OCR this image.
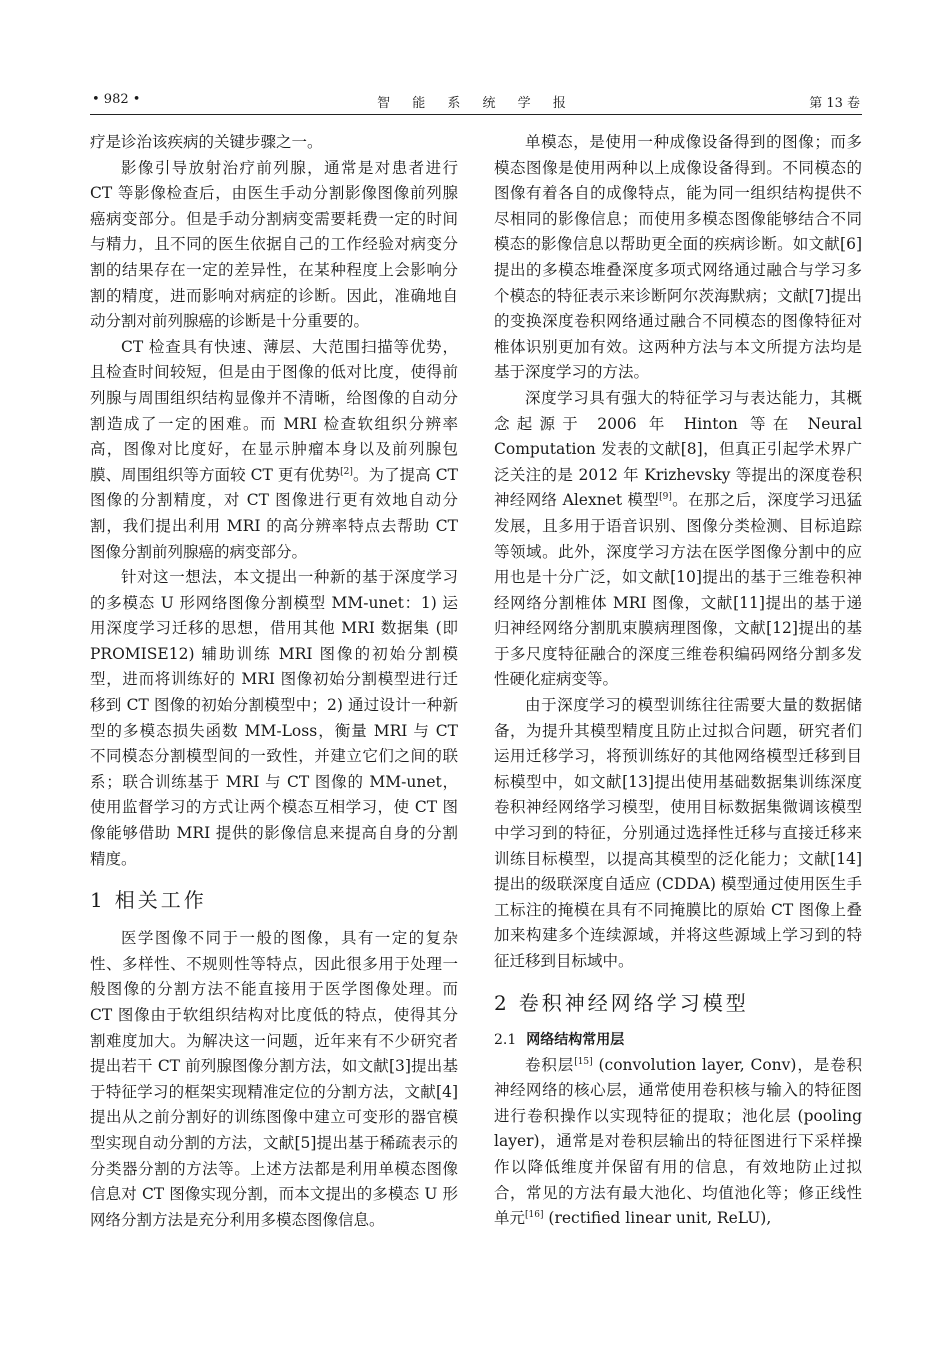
• 982 •	智 能 系 统 学 报	第 13 卷

疗是诊治该疾病的关键步骤之一。

影像引导放射治疗前列腺，通常是对患者进行 CT 等影像检查后，由医生手动分割影像图像前列腺癌病变部分。但是手动分割病变需要耗费一定的时间与精力，且不同的医生依据自己的工作经验对病变分割的结果存在一定的差异性，在某种程度上会影响分割的精度，进而影响对病症的诊断。因此，准确地自动分割对前列腺癌的诊断是十分重要的。

CT 检查具有快速、薄层、大范围扫描等优势，且检查时间较短，但是由于图像的低对比度，使得前列腺与周围组织结构显像并不清晰，给图像的自动分割造成了一定的困难。而 MRI 检查软组织分辨率高，图像对比度好，在显示肿瘤本身以及前列腺包膜、周围组织等方面较 CT 更有优势[2]。为了提高 CT 图像的分割精度，对 CT 图像进行更有效地自动分割，我们提出利用 MRI 的高分辨率特点去帮助 CT 图像分割前列腺癌的病变部分。

针对这一想法，本文提出一种新的基于深度学习的多模态 U 形网络图像分割模型 MM-unet：1) 运用深度学习迁移的思想，借用其他 MRI 数据集 (即 PROMISE12) 辅助训练 MRI 图像的初始分割模型，进而将训练好的 MRI 图像初始分割模型进行迁移到 CT 图像的初始分割模型中；2) 通过设计一种新型的多模态损失函数 MM-Loss，衡量 MRI 与 CT 不同模态分割模型间的一致性，并建立它们之间的联系；联合训练基于 MRI 与 CT 图像的 MM-unet，使用监督学习的方式让两个模态互相学习，使 CT 图像能够借助 MRI 提供的影像信息来提高自身的分割精度。

1 相关工作

医学图像不同于一般的图像，具有一定的复杂性、多样性、不规则性等特点，因此很多用于处理一般图像的分割方法不能直接用于医学图像处理。而 CT 图像由于软组织结构对比度低的特点，使得其分割难度加大。为解决这一问题，近年来有不少研究者提出若干 CT 前列腺图像分割方法，如文献[3]提出基于特征学习的框架实现精准定位的分割方法，文献[4]提出从之前分割好的训练图像中建立可变形的器官模型实现自动分割的方法，文献[5]提出基于稀疏表示的分类器分割的方法等。上述方法都是利用单模态图像信息对 CT 图像实现分割，而本文提出的多模态 U 形网络分割方法是充分利用多模态图像信息。

单模态，是使用一种成像设备得到的图像；而多模态图像是使用两种以上成像设备得到。不同模态的图像有着各自的成像特点，能为同一组织结构提供不尽相同的影像信息；而使用多模态图像能够结合不同模态的影像信息以帮助更全面的疾病诊断。如文献[6]提出的多模态堆叠深度多项式网络通过融合与学习多个模态的特征表示来诊断阿尔茨海默病；文献[7]提出的变换深度卷积网络通过融合不同模态的图像特征对椎体识别更加有效。这两种方法与本文所提方法均是基于深度学习的方法。

深度学习具有强大的特征学习与表达能力，其概念起源于 2006 年 Hinton 等在 Neural Computation 发表的文献[8]，但真正引起学术界广泛关注的是 2012 年 Krizhevsky 等提出的深度卷积神经网络 Alexnet 模型[9]。在那之后，深度学习迅猛发展，且多用于语音识别、图像分类检测、目标追踪等领域。此外，深度学习方法在医学图像分割中的应用也是十分广泛，如文献[10]提出的基于三维卷积神经网络分割椎体 MRI 图像，文献[11]提出的基于递归神经网络分割肌束膜病理图像，文献[12]提出的基于多尺度特征融合的深度三维卷积编码网络分割多发性硬化症病变等。

由于深度学习的模型训练往往需要大量的数据储备，为提升其模型精度且防止过拟合问题，研究者们运用迁移学习，将预训练好的其他网络模型迁移到目标模型中，如文献[13]提出使用基础数据集训练深度卷积神经网络学习模型，使用目标数据集微调该模型中学习到的特征，分别通过选择性迁移与直接迁移来训练目标模型，以提高其模型的泛化能力；文献[14]提出的级联深度自适应 (CDDA) 模型通过使用医生手工标注的掩模在具有不同掩膜比的原始 CT 图像上叠加来构建多个连续源域，并将这些源域上学习到的特征迁移到目标域中。

2 卷积神经网络学习模型
2.1 网络结构常用层

卷积层[15] (convolution layer, Conv)，是卷积神经网络的核心层，通常使用卷积核与输入的特征图进行卷积操作以实现特征的提取；池化层 (pooling layer)，通常是对卷积层输出的特征图进行下采样操作以降低维度并保留有用的信息，有效地防止过拟合，常见的方法有最大池化、均值池化等；修正线性单元[16] (rectified linear unit, ReLU),
